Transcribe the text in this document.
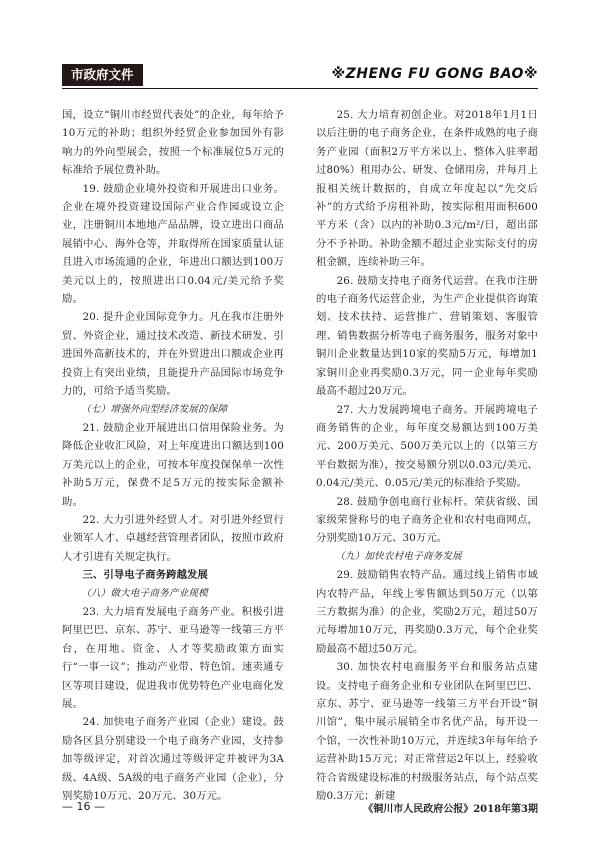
市政府文件	※ZHENG FU GONG BAO※

国，设立“铜川市经贸代表处”的企业，每年给予10万元的补助；组织外经贸企业参加国外有影响力的外向型展会，按照一个标准展位5万元的标准给予展位费补助。

19. 鼓励企业境外投资和开展进出口业务。企业在境外投资建设国际产业合作园或设立企业，注册铜川本地地产品品牌，设立进出口商品展销中心、海外仓等，并取得所在国家质量认证且进入市场流通的企业，年进出口额达到100万美元以上的，按照进出口0.04元/美元给予奖励。

20. 提升企业国际竞争力。凡在我市注册外贸、外资企业，通过技术改造、新技术研发、引进国外高新技术的，并在外贸进出口额或企业再投资上有突出业绩，且能提升产品国际市场竞争力的，可给予适当奖励。

（七）增强外向型经济发展的保障

21. 鼓励企业开展进出口信用保险业务。为降低企业收汇风险，对上年度进出口额达到100万美元以上的企业，可按本年度投保保单一次性补助5万元，保费不足5万元的按实际金额补助。

22. 大力引进外经贸人才。对引进外经贸行业领军人才、卓越经营管理者团队，按照市政府人才引进有关规定执行。

三、引导电子商务跨越发展

（八）做大电子商务产业规模

23. 大力培育发展电子商务产业。积极引进阿里巴巴、京东、苏宁、亚马逊等一线第三方平台，在用地、资金、人才等奖励政策方面实行“一事一议”；推动产业带、特色馆、速卖通专区等项目建设，促进我市优势特色产业电商化发展。

24. 加快电子商务产业园（企业）建设。鼓励各区县分别建设一个电子商务产业园，支持参加等级评定，对首次通过等级评定并被评为3A级、4A级、5A级的电子商务产业园（企业），分别奖励10万元、20万元、30万元。

25. 大力培育初创企业。对2018年1月1日以后注册的电子商务企业，在条件成熟的电子商务产业园（面积2万平方米以上、整体入驻率超过80%）租用办公、研发、仓储用房，并每月上报相关统计数据的，自成立年度起以“先交后补”的方式给予房租补助，按实际租用面积600平方米（含）以内的补助0.3元/m²/日，超出部分不予补助。补助金额不超过企业实际支付的房租金额，连续补助三年。

26. 鼓励支持电子商务代运营。在我市注册的电子商务代运营企业，为生产企业提供咨询策划、技术扶持、运营推广、营销策划、客服管理、销售数据分析等电子商务服务，服务对象中铜川企业数量达到10家的奖励5万元，每增加1家铜川企业再奖励0.3万元，同一企业每年奖励最高不超过20万元。

27. 大力发展跨境电子商务。开展跨境电子商务销售的企业，每年度交易额达到100万美元、200万美元、500万美元以上的（以第三方平台数据为准），按交易额分别以0.03元/美元、0.04元/美元、0.05元/美元的标准给予奖励。

28. 鼓励争创电商行业标杆。荣获省级、国家级荣誉称号的电子商务企业和农村电商网点，分别奖励10万元、30万元。

（九）加快农村电子商务发展

29. 鼓励销售农特产品。通过线上销售市域内农特产品，年线上零售额达到50万元（以第三方数据为准）的企业，奖励2万元，超过50万元每增加10万元，再奖励0.3万元，每个企业奖励最高不超过50万元。

30. 加快农村电商服务平台和服务站点建设。支持电子商务企业和专业团队在阿里巴巴、京东、苏宁、亚马逊等一线第三方平台开设“铜川馆”，集中展示展销全市名优产品，每开设一个馆，一次性补助10万元，并连续3年每年给予运营补助15万元；对正常营运2年以上，经验收符合省级建设标准的村级服务站点，每个站点奖励0.3万元；新建

— 16 —	《铜川市人民政府公报》2018年第3期
